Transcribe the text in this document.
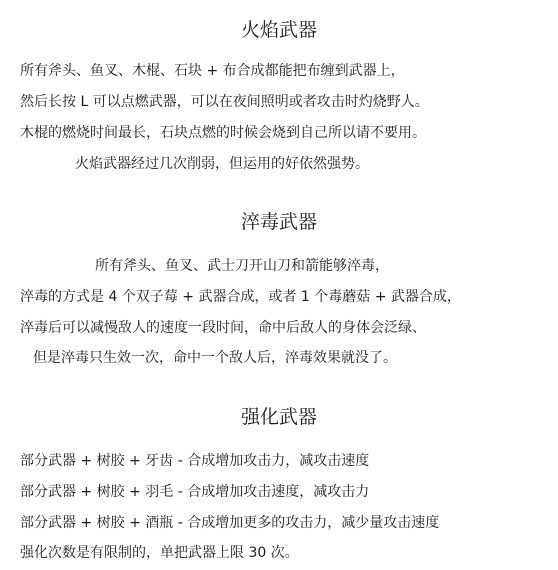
火焰武器
所有斧头、鱼叉、木棍、石块 + 布合成都能把布缠到武器上，
然后长按 L 可以点燃武器，可以在夜间照明或者攻击时灼烧野人。
木棍的燃烧时间最长，石块点燃的时候会烧到自己所以请不要用。
火焰武器经过几次削弱，但运用的好依然强势。
淬毒武器
所有斧头、鱼叉、武士刀开山刀和箭能够淬毒，
淬毒的方式是 4 个双子莓 + 武器合成，或者 1 个毒蘑菇 + 武器合成，
淬毒后可以减慢敌人的速度一段时间，命中后敌人的身体会泛绿、
但是淬毒只生效一次，命中一个敌人后，淬毒效果就没了。
强化武器
部分武器 + 树胶 + 牙齿 - 合成增加攻击力，减攻击速度
部分武器 + 树胶 + 羽毛 - 合成增加攻击速度，减攻击力
部分武器 + 树胶 + 酒瓶 - 合成增加更多的攻击力，减少量攻击速度
强化次数是有限制的，单把武器上限 30 次。
